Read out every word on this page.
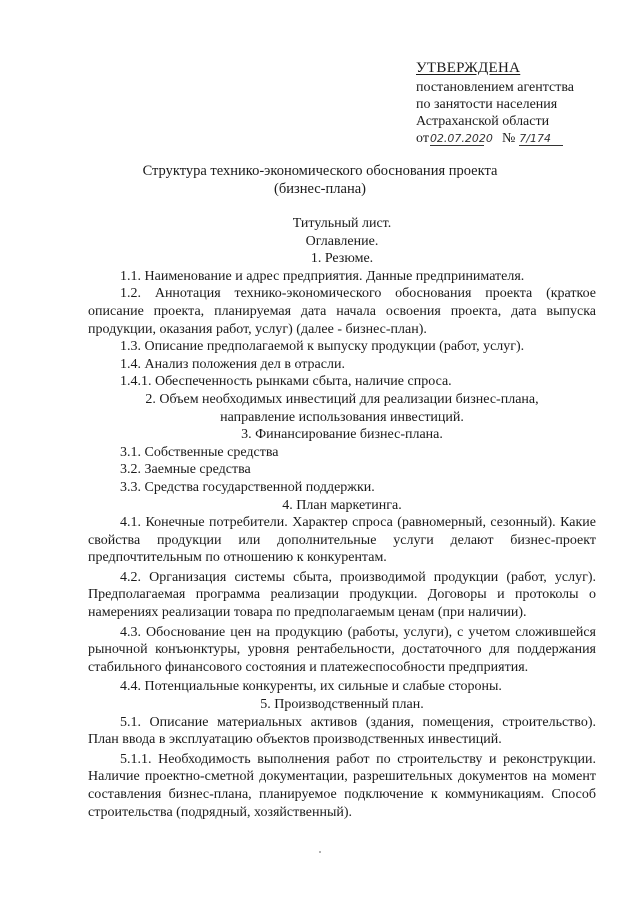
УТВЕРЖДЕНА
постановлением агентства
по занятости населения
Астраханской области
от 02.07.2020 № 7/174
Структура технико-экономического обоснования проекта
(бизнес-плана)

Титульный лист.

Оглавление.

1. Резюме.

1.1. Наименование и адрес предприятия. Данные предпринимателя.

1.2. Аннотация технико-экономического обоснования проекта (краткое описание проекта, планируемая дата начала освоения проекта, дата выпуска продукции, оказания работ, услуг) (далее - бизнес-план).

1.3. Описание предполагаемой к выпуску продукции (работ, услуг).

1.4. Анализ положения дел в отрасли.

1.4.1. Обеспеченность рынками сбыта, наличие спроса.

2. Объем необходимых инвестиций для реализации бизнес-плана, направление использования инвестиций.

3. Финансирование бизнес-плана.

3.1. Собственные средства

3.2. Заемные средства

3.3. Средства государственной поддержки.

4. План маркетинга.

4.1. Конечные потребители. Характер спроса (равномерный, сезонный). Какие свойства продукции или дополнительные услуги делают бизнес-проект предпочтительным по отношению к конкурентам.

4.2. Организация системы сбыта, производимой продукции (работ, услуг). Предполагаемая программа реализации продукции. Договоры и протоколы о намерениях реализации товара по предполагаемым ценам (при наличии).

4.3. Обоснование цен на продукцию (работы, услуги), с учетом сложившейся рыночной конъюнктуры, уровня рентабельности, достаточного для поддержания стабильного финансового состояния и платежеспособности предприятия.

4.4. Потенциальные конкуренты, их сильные и слабые стороны.

5. Производственный план.

5.1. Описание материальных активов (здания, помещения, строительство). План ввода в эксплуатацию объектов производственных инвестиций.

5.1.1. Необходимость выполнения работ по строительству и реконструкции. Наличие проектно-сметной документации, разрешительных документов на момент составления бизнес-плана, планируемое подключение к коммуникациям. Способ строительства (подрядный, хозяйственный).
